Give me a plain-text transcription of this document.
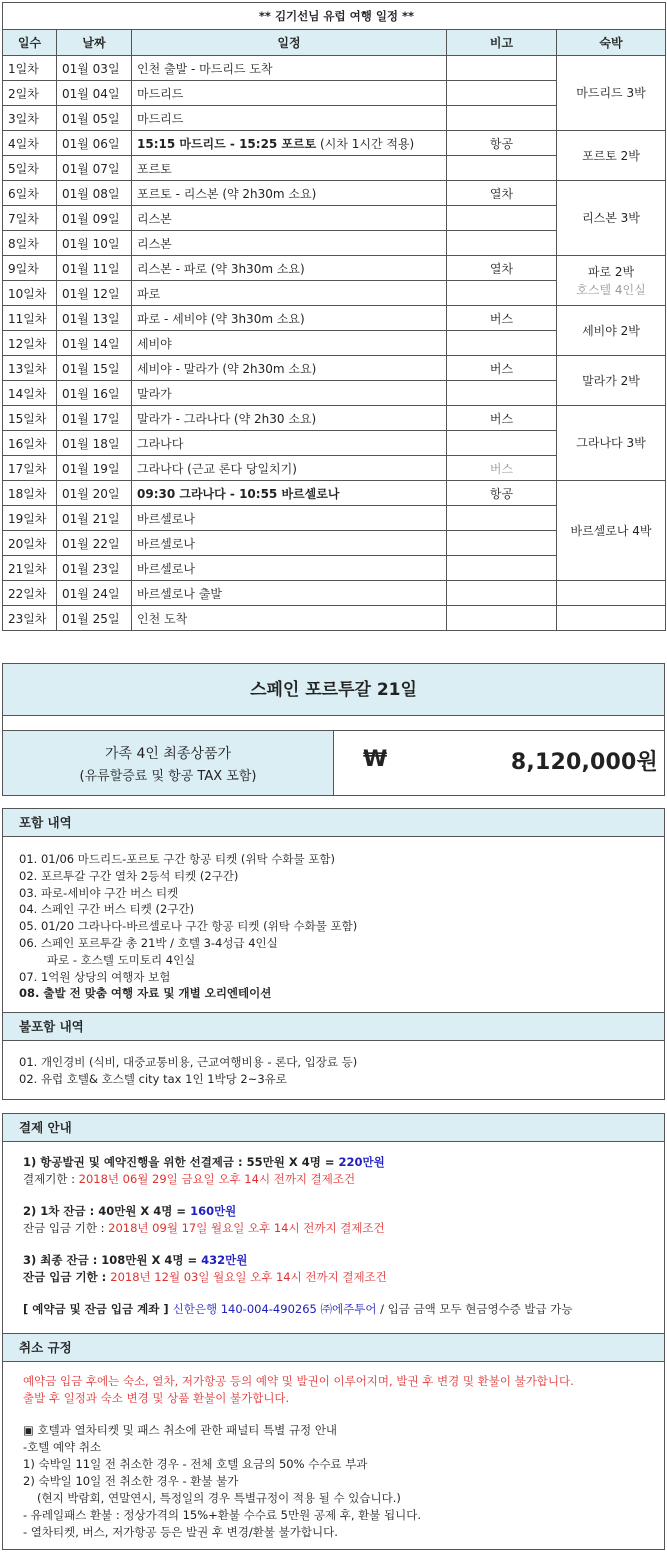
** 김기선님 유럽 여행 일정 **				
일수	날짜	일정	비고	숙박
1일차	01월 03일	인천 출발 - 마드리드 도착		마드리드 3박
2일차	01월 04일	마드리드		
3일차	01월 05일	마드리드		
4일차	01월 06일	15:15 마드리드 - 15:25 포르토 (시차 1시간 적용)	항공	포르토 2박
5일차	01월 07일	포르토		
6일차	01월 08일	포르토 - 리스본 (약 2h30m 소요)	열차	리스본 3박
7일차	01월 09일	리스본		
8일차	01월 10일	리스본		
9일차	01월 11일	리스본 - 파로 (약 3h30m 소요)	열차	파로 2박
호스텔 4인실

10일차	01월 12일	파로		
11일차	01월 13일	파로 - 세비야 (약 3h30m 소요)	버스	세비야 2박
12일차	01월 14일	세비야		
13일차	01월 15일	세비야 - 말라가 (약 2h30m 소요)	버스	말라가 2박
14일차	01월 16일	말라가		
15일차	01월 17일	말라가 - 그라나다 (약 2h30 소요)	버스	그라나다 3박
16일차	01월 18일	그라나다		
17일차	01월 19일	그라나다 (근교 론다 당일치기)	버스	
18일차	01월 20일	09:30 그라나다 - 10:55 바르셀로나	항공	바르셀로나 4박
19일차	01월 21일	바르셀로나		
20일차	01월 22일	바르셀로나		
21일차	01월 23일	바르셀로나		
22일차	01월 24일	바르셀로나 출발		
23일차	01월 25일	인천 도착		
스페인 포르투갈 21일
가족 4인 최종상품가
(유류할증료 및 항공 TAX 포함)
₩	8,120,000원
포함 내역
01. 01/06 마드리드-포르토 구간 항공 티켓 (위탁 수화물 포함)
02. 포르투갈 구간 열차 2등석 티켓 (2구간)
03. 파로-세비야 구간 버스 티켓
04. 스페인 구간 버스 티켓 (2구간)
05. 01/20 그라나다-바르셀로나 구간 항공 티켓 (위탁 수화물 포함)
06. 스페인 포르투갈 총 21박 / 호텔 3-4성급 4인실
파로 - 호스텔 도미토리 4인실
07. 1억원 상당의 여행자 보험
08. 출발 전 맞춤 여행 자료 및 개별 오리엔테이션
불포함 내역
01. 개인경비 (식비, 대중교통비용, 근교여행비용 - 론다, 입장료 등)
02. 유럽 호텔& 호스텔 city tax 1인 1박당 2~3유로
결제 안내
1) 항공발권 및 예약진행을 위한 선결제금 : 55만원 X 4명 = 220만원
결제기한 : 2018년 06월 29일 금요일 오후 14시 전까지 결제조건
2) 1차 잔금 : 40만원 X 4명 = 160만원
잔금 입금 기한 : 2018년 09월 17일 월요일 오후 14시 전까지 결제조건
3) 최종 잔금 : 108만원 X 4명 = 432만원
잔금 입금 기한 : 2018년 12월 03일 월요일 오후 14시 전까지 결제조건
[ 예약금 및 잔금 입금 계좌 ] 신한은행 140-004-490265 ㈜에주투어 / 입금 금액 모두 현금영수증 발급 가능
취소 규정
예약금 입금 후에는 숙소, 열차, 저가항공 등의 예약 및 발권이 이루어지며, 발권 후 변경 및 환불이 불가합니다.
출발 후 일정과 숙소 변경 및 상품 환불이 불가합니다.
▣ 호텔과 열차티켓 및 패스 취소에 관한 패널티 특별 규정 안내
-호텔 예약 취소
1) 숙박일 11일 전 취소한 경우 - 전체 호텔 요금의 50% 수수료 부과
2) 숙박일 10일 전 취소한 경우 - 환불 불가
(현지 박람회, 연말연시, 특정일의 경우 특별규정이 적용 될 수 있습니다.)
- 유레일패스 환불 : 정상가격의 15%+환불 수수료 5만원 공제 후, 환불 됩니다.
- 열차티켓, 버스, 저가항공 등은 발권 후 변경/환불 불가합니다.
